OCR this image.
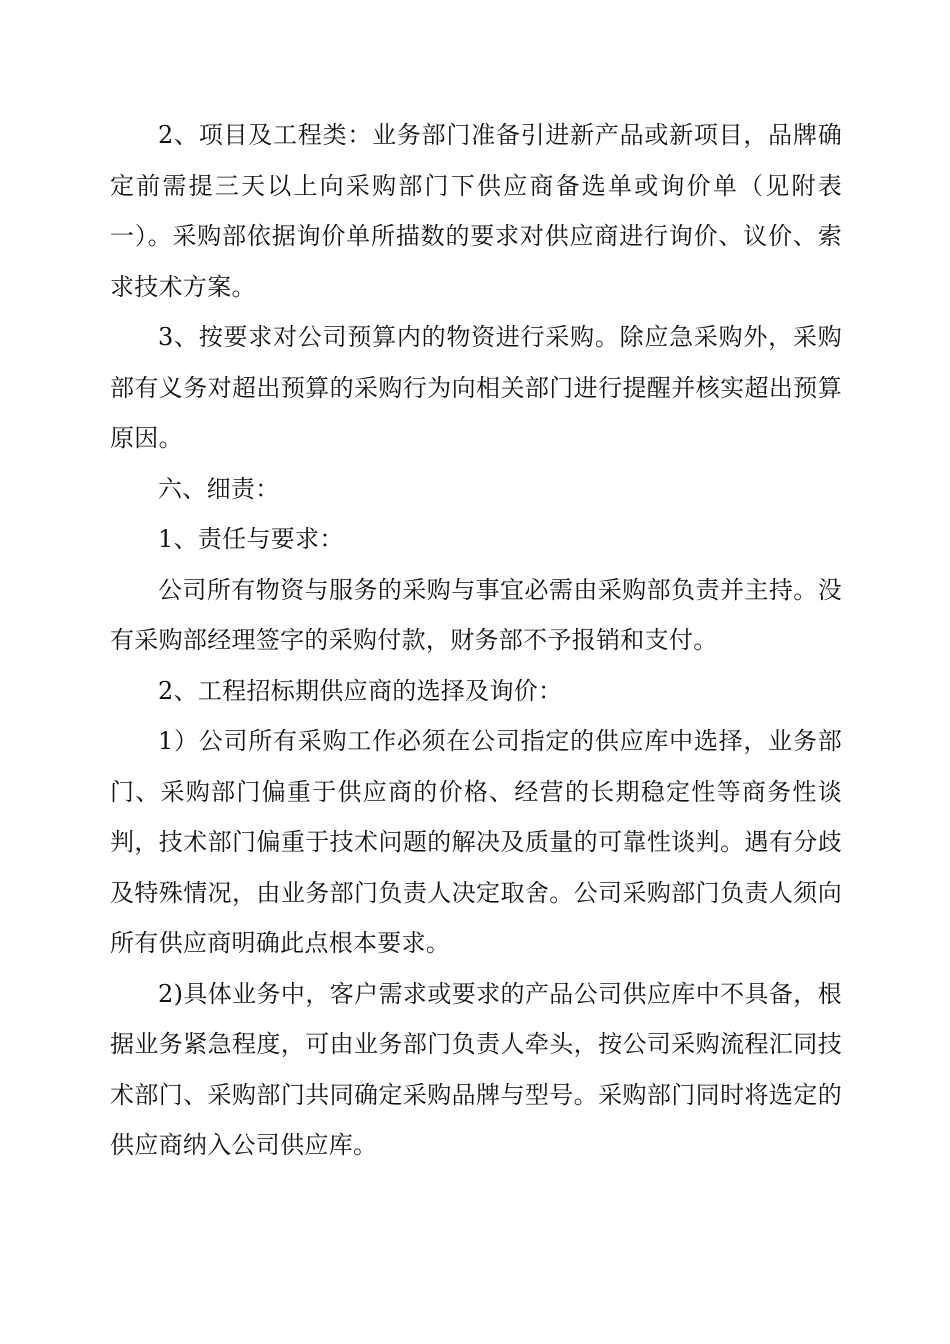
2、项目及工程类：业务部门准备引进新产品或新项目，品牌确定前需提三天以上向采购部门下供应商备选单或询价单（见附表一）。采购部依据询价单所描数的要求对供应商进行询价、议价、索求技术方案。

3、按要求对公司预算内的物资进行采购。除应急采购外，采购部有义务对超出预算的采购行为向相关部门进行提醒并核实超出预算原因。

六、细责：

1、责任与要求：

公司所有物资与服务的采购与事宜必需由采购部负责并主持。没有采购部经理签字的采购付款，财务部不予报销和支付。

2、工程招标期供应商的选择及询价：

1）公司所有采购工作必须在公司指定的供应库中选择，业务部门、采购部门偏重于供应商的价格、经营的长期稳定性等商务性谈判，技术部门偏重于技术问题的解决及质量的可靠性谈判。遇有分歧及特殊情况，由业务部门负责人决定取舍。公司采购部门负责人须向所有供应商明确此点根本要求。

2)具体业务中，客户需求或要求的产品公司供应库中不具备，根据业务紧急程度，可由业务部门负责人牵头，按公司采购流程汇同技术部门、采购部门共同确定采购品牌与型号。采购部门同时将选定的供应商纳入公司供应库。
